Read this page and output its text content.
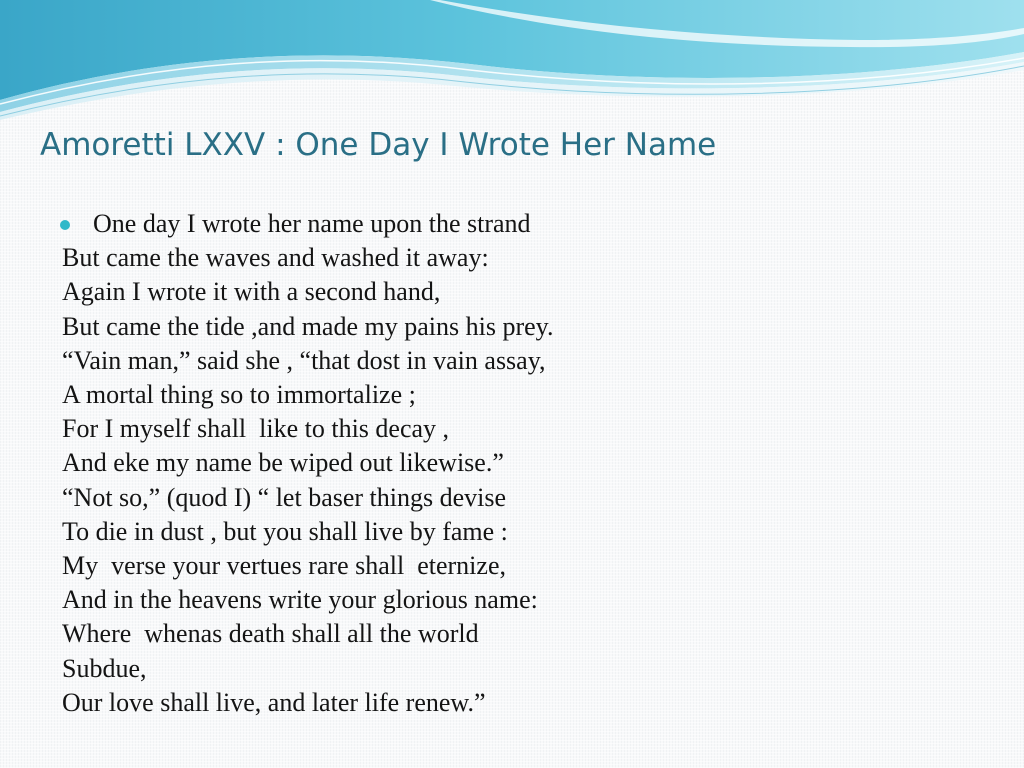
Amoretti LXXV : One Day I Wrote Her Name
One day I wrote her name upon the strand
But came the waves and washed it away:
Again I wrote it with a second hand,
But came the tide ,and made my pains his prey.
“Vain man,” said she , “that dost in vain assay,
A mortal thing so to immortalize ;
For I myself shall  like to this decay ,
And eke my name be wiped out likewise.”
“Not so,” (quod I) “ let baser things devise
To die in dust , but you shall live by fame :
My  verse your vertues rare shall  eternize,
And in the heavens write your glorious name:
Where  whenas death shall all the world
Subdue,
Our love shall live, and later life renew.”
